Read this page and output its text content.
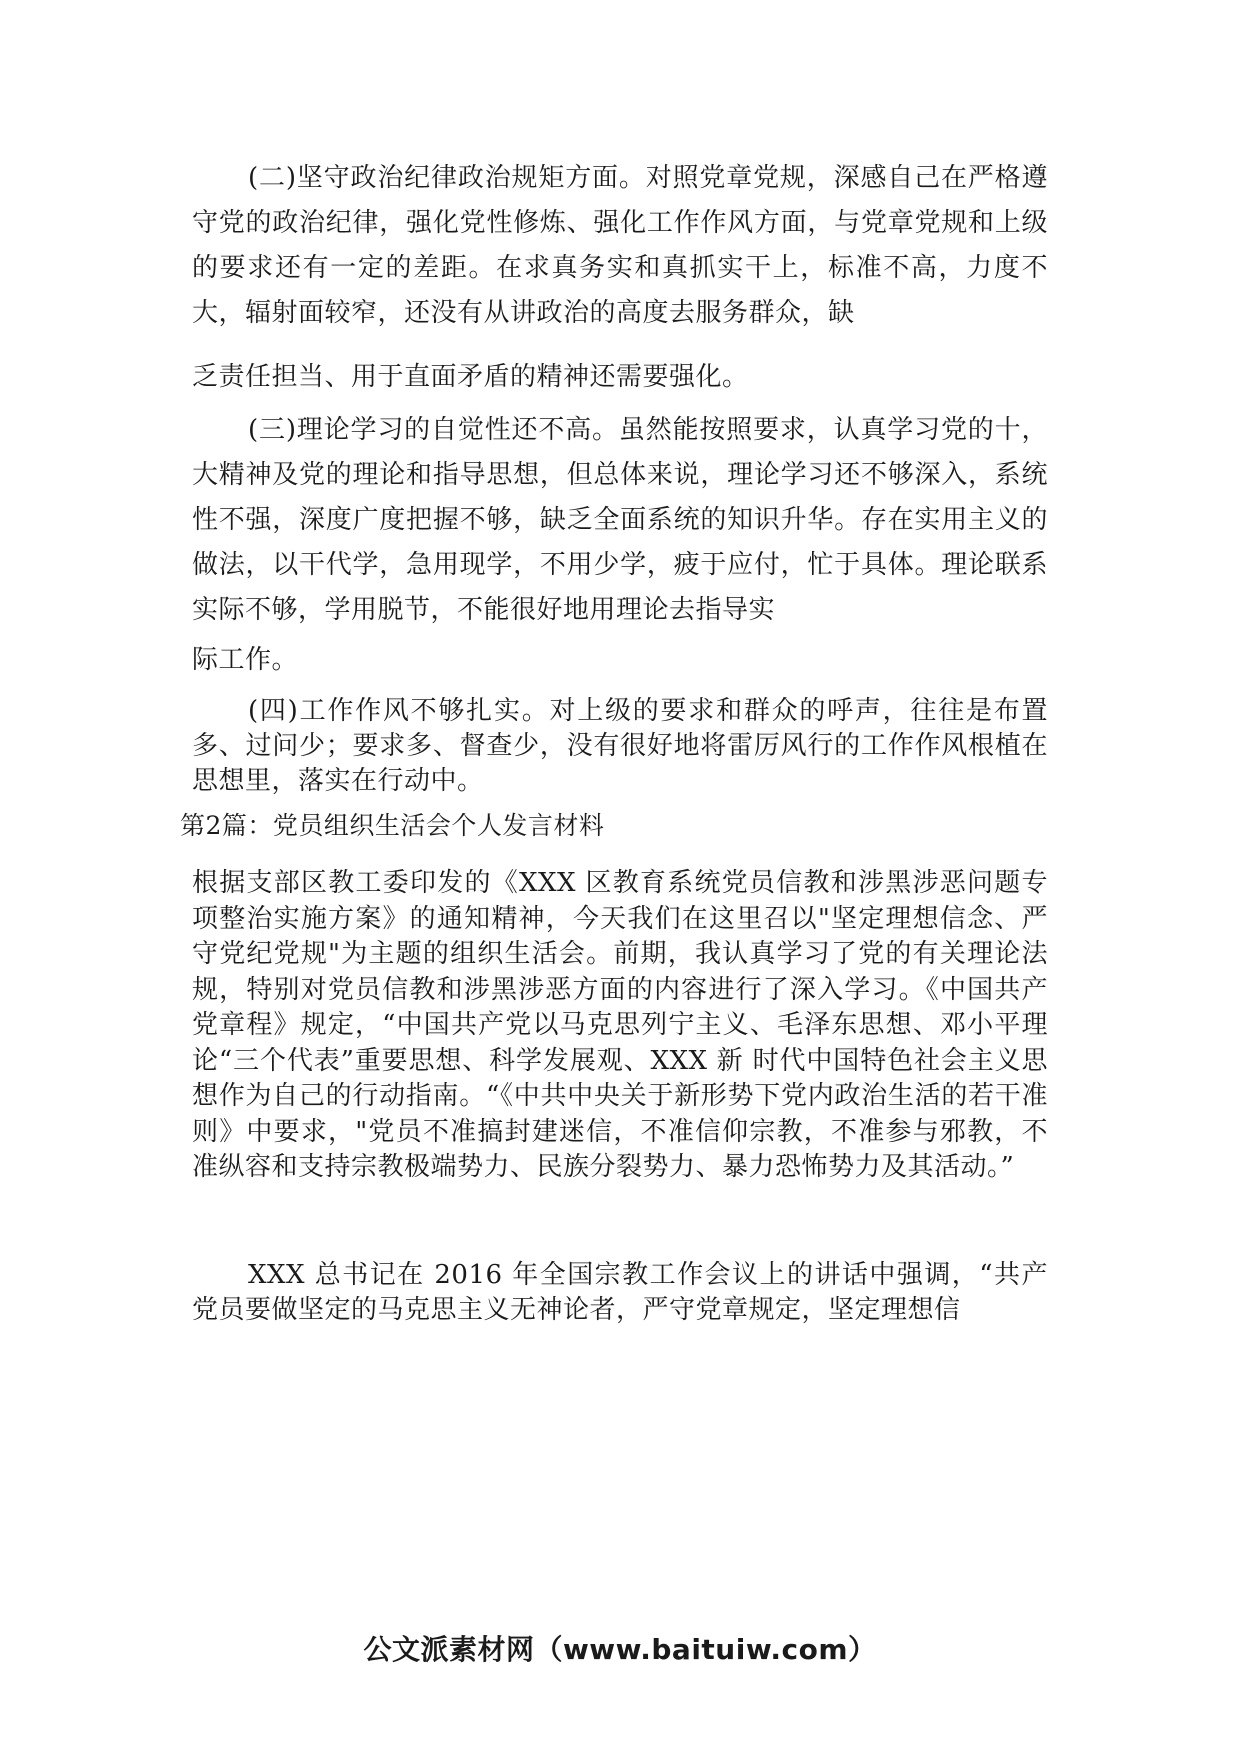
(二)坚守政治纪律政治规矩方面。对照党章党规，深感自己在严格遵守党的政治纪律，强化党性修炼、强化工作作风方面，与党章党规和上级的要求还有一定的差距。在求真务实和真抓实干上，标准不高，力度不大，辐射面较窄，还没有从讲政治的高度去服务群众，缺

乏责任担当、用于直面矛盾的精神还需要强化。

(三)理论学习的自觉性还不高。虽然能按照要求，认真学习党的十，大精神及党的理论和指导思想，但总体来说，理论学习还不够深入，系统性不强，深度广度把握不够，缺乏全面系统的知识升华。存在实用主义的做法，以干代学，急用现学，不用少学，疲于应付，忙于具体。理论联系实际不够，学用脱节，不能很好地用理论去指导实

际工作。

(四)工作作风不够扎实。对上级的要求和群众的呼声，往往是布置多、过问少；要求多、督查少，没有很好地将雷厉风行的工作作风根植在思想里，落实在行动中。

第2篇：党员组织生活会个人发言材料

根据支部区教工委印发的《XXX 区教育系统党员信教和涉黑涉恶问题专项整治实施方案》的通知精神，今天我们在这里召以"坚定理想信念、严守党纪党规"为主题的组织生活会。前期，我认真学习了党的有关理论法规，特别对党员信教和涉黑涉恶方面的内容进行了深入学习。《中国共产党章程》规定，“中国共产党以马克思列宁主义、毛泽东思想、邓小平理论“三个代表”重要思想、科学发展观、XXX 新 时代中国特色社会主义思想作为自己的行动指南。“《中共中央关于新形势下党内政治生活的若干准则》中要求，"党员不准搞封建迷信，不准信仰宗教，不准参与邪教，不准纵容和支持宗教极端势力、民族分裂势力、暴力恐怖势力及其活动。”

XXX 总书记在 2016 年全国宗教工作会议上的讲话中强调，“共产党员要做坚定的马克思主义无神论者，严守党章规定，坚定理想信

公文派素材网（www.baituiw.com）
